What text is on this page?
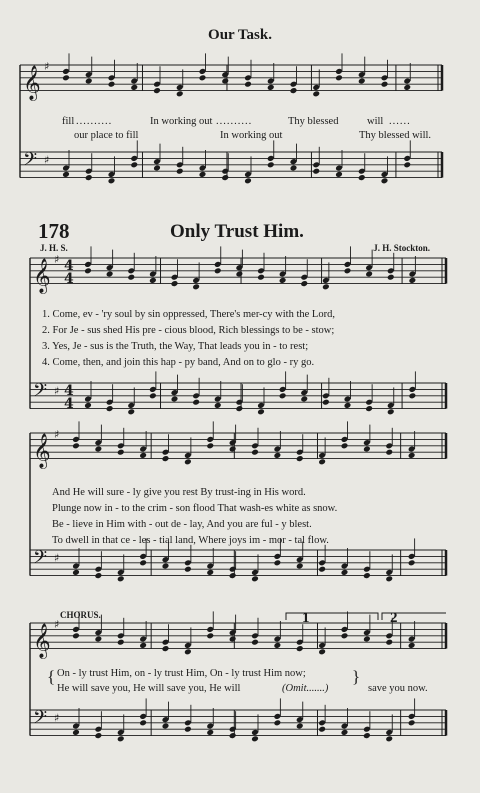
Our Task.
fill ..........	In working out ..........	Thy blessed	will ......
our place to fill	In working out	Thy blessed will.
178	Only Trust Him.
J. H. S.	J. H. Stockton.
1. Come, ev - 'ry soul by sin oppressed, There's mer-cy with the Lord,
2. For Je - sus shed His pre - cious blood, Rich blessings to be - stow;
3. Yes, Je - sus is the Truth, the Way, That leads you in - to rest;
4. Come, then, and join this hap - py band, And on to glo - ry go.
And He will sure - ly give you rest By trust-ing in His word.
Plunge now in - to the crim - son flood That wash-es white as snow.
Be - lieve in Him with - out de - lay, And you are ful - y blest.
To dwell in that ce - les - tial land, Where joys im - mor - tal flow.
CHORUS.	1	2
{ On - ly trust Him, on - ly trust Him, On - ly trust Him now;
He will save you, He will save you, He will	(Omit.......)
}
save you now.
𝄞 ♯
𝄢 ♯
𝄞 ♯ 4
4
𝄢 ♯ 4
4
𝄞 ♯
𝄢 ♯
𝄞 ♯
𝄢 ♯
